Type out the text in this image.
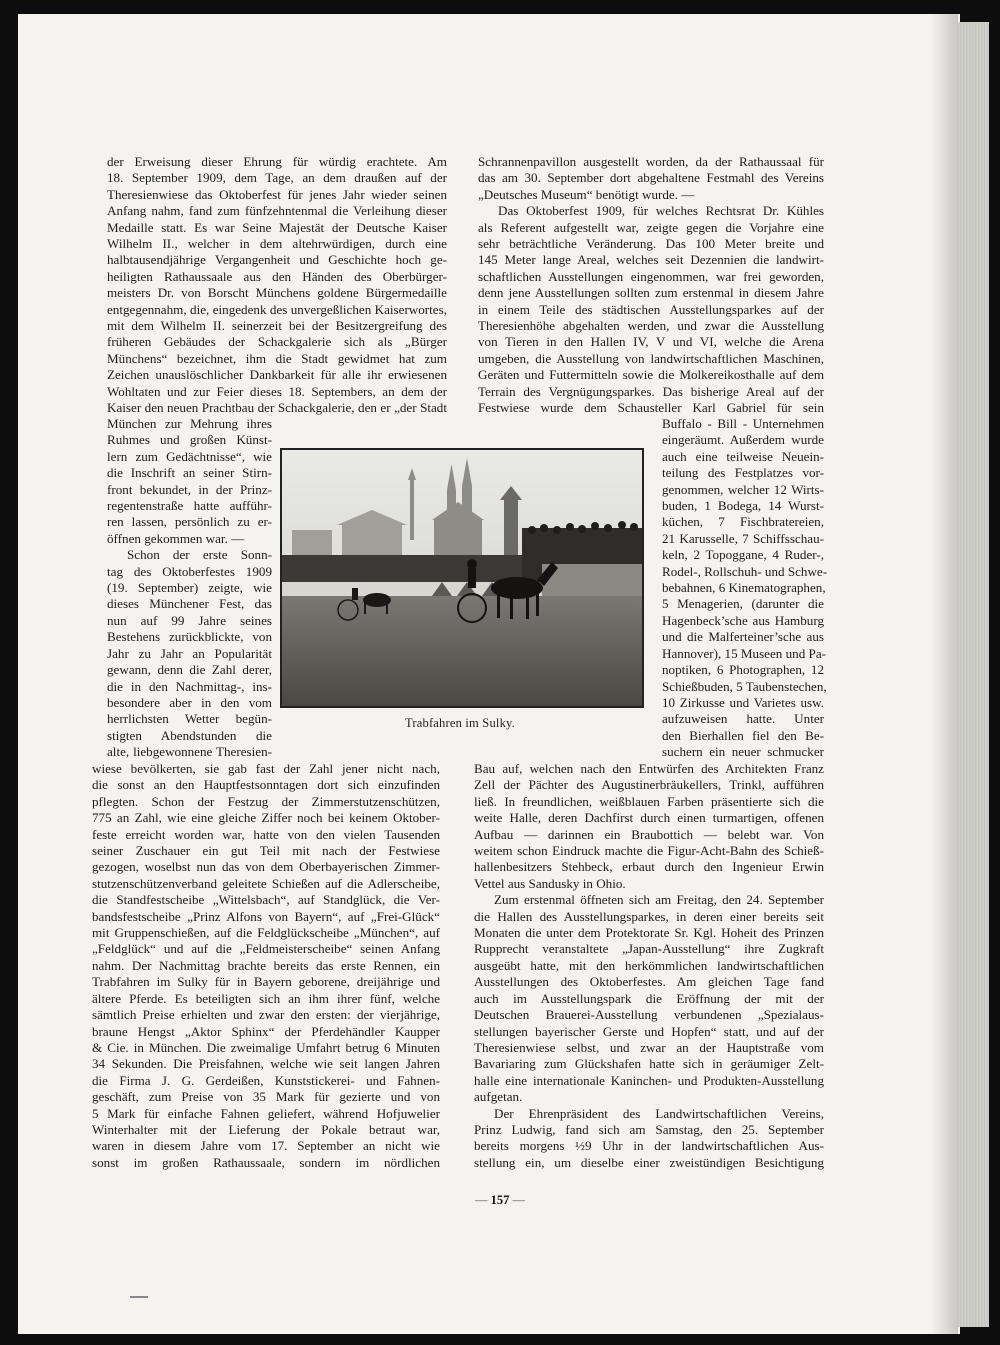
der Erweisung dieser Ehrung für würdig erachtete. Am
18. September 1909, dem Tage, an dem draußen auf der
Theresienwiese das Oktoberfest für jenes Jahr wieder seinen
Anfang nahm, fand zum fünfzehntenmal die Verleihung dieser
Medaille statt. Es war Seine Majestät der Deutsche Kaiser
Wilhelm II., welcher in dem altehrwürdigen, durch eine
halbtausendjährige Vergangenheit und Geschichte hoch ge-
heiligten Rathaussaale aus den Händen des Oberbürger-
meisters Dr. von Borscht Münchens goldene Bürgermedaille
entgegennahm, die, eingedenk des unvergeßlichen Kaiserwortes,
mit dem Wilhelm II. seinerzeit bei der Besitzergreifung des
früheren Gebäudes der Schackgalerie sich als „Bürger
Münchens“ bezeichnet, ihm die Stadt gewidmet hat zum
Zeichen unauslöschlicher Dankbarkeit für alle ihr erwiesenen
Wohltaten und zur Feier dieses 18. Septembers, an dem der
Kaiser den neuen Prachtbau der Schackgalerie, den er „der Stadt
München zur Mehrung ihres
Ruhmes und großen Künst-
lern zum Gedächtnisse“, wie
die Inschrift an seiner Stirn-
front bekundet, in der Prinz-
regentenstraße hatte aufführ-
ren lassen, persönlich zu er-
öffnen gekommen war. —
Schon der erste Sonn-
tag des Oktoberfestes 1909
(19. September) zeigte, wie
dieses Münchener Fest, das
nun auf 99 Jahre seines
Bestehens zurückblickte, von
Jahr zu Jahr an Popularität
gewann, denn die Zahl derer,
die in den Nachmittag-, ins-
besondere aber in den vom
herrlichsten Wetter begün-
stigten Abendstunden die
alte, liebgewonnene Theresien-
wiese bevölkerten, sie gab fast der Zahl jener nicht nach,
die sonst an den Hauptfestsonntagen dort sich einzufinden
pflegten. Schon der Festzug der Zimmerstutzenschützen,
775 an Zahl, wie eine gleiche Ziffer noch bei keinem Oktober-
feste erreicht worden war, hatte von den vielen Tausenden
seiner Zuschauer ein gut Teil mit nach der Festwiese
gezogen, woselbst nun das von dem Oberbayerischen Zimmer-
stutzenschützenverband geleitete Schießen auf die Adlerscheibe,
die Standfestscheibe „Wittelsbach“, auf Standglück, die Ver-
bandsfestscheibe „Prinz Alfons von Bayern“, auf „Frei-Glück“
mit Gruppenschießen, auf die Feldglückscheibe „München“, auf
„Feldglück“ und auf die „Feldmeisterscheibe“ seinen Anfang
nahm. Der Nachmittag brachte bereits das erste Rennen, ein
Trabfahren im Sulky für in Bayern geborene, dreijährige und
ältere Pferde. Es beteiligten sich an ihm ihrer fünf, welche
sämtlich Preise erhielten und zwar den ersten: der vierjährige,
braune Hengst „Aktor Sphinx“ der Pferdehändler Kaupper
& Cie. in München. Die zweimalige Umfahrt betrug 6 Minuten
34 Sekunden. Die Preisfahnen, welche wie seit langen Jahren
die Firma J. G. Gerdeißen, Kunststickerei- und Fahnen-
geschäft, zum Preise von 35 Mark für gezierte und von
5 Mark für einfache Fahnen geliefert, während Hofjuwelier
Winterhalter mit der Lieferung der Pokale betraut war,
waren in diesem Jahre vom 17. September an nicht wie
sonst im großen Rathaussaale, sondern im nördlichen
Schrannenpavillon ausgestellt worden, da der Rathaussaal für
das am 30. September dort abgehaltene Festmahl des Vereins
„Deutsches Museum“ benötigt wurde. —
Das Oktoberfest 1909, für welches Rechtsrat Dr. Kühles
als Referent aufgestellt war, zeigte gegen die Vorjahre eine
sehr beträchtliche Veränderung. Das 100 Meter breite und
145 Meter lange Areal, welches seit Dezennien die landwirt-
schaftlichen Ausstellungen eingenommen, war frei geworden,
denn jene Ausstellungen sollten zum erstenmal in diesem Jahre
in einem Teile des städtischen Ausstellungsparkes auf der
Theresienhöhe abgehalten werden, und zwar die Ausstellung
von Tieren in den Hallen IV, V und VI, welche die Arena
umgeben, die Ausstellung von landwirtschaftlichen Maschinen,
Geräten und Futtermitteln sowie die Molkereikosthalle auf dem
Terrain des Vergnügungsparkes. Das bisherige Areal auf der
Festwiese wurde dem Schausteller Karl Gabriel für sein
Buffalo - Bill - Unternehmen
eingeräumt. Außerdem wurde
auch eine teilweise Neuein-
teilung des Festplatzes vor-
genommen, welcher 12 Wirts-
buden, 1 Bodega, 14 Wurst-
küchen, 7 Fischbratereien,
21 Karusselle, 7 Schiffsschau-
keln, 2 Topoggane, 4 Ruder-,
Rodel-, Rollschuh- und Schwe-
bebahnen, 6 Kinematographen,
5 Menagerien, (darunter die
Hagenbeck’sche aus Hamburg
und die Malferteiner’sche aus
Hannover), 15 Museen und Pa-
noptiken, 6 Photographen, 12
Schießbuden, 5 Taubenstechen,
10 Zirkusse und Varietes usw.
aufzuweisen hatte. Unter
den Bierhallen fiel den Be-
suchern ein neuer schmucker
Bau auf, welchen nach den Entwürfen des Architekten Franz
Zell der Pächter des Augustinerbräukellers, Trinkl, aufführen
ließ. In freundlichen, weißblauen Farben präsentierte sich die
weite Halle, deren Dachfirst durch einen turmartigen, offenen
Aufbau — darinnen ein Braubottich — belebt war. Von
weitem schon Eindruck machte die Figur-Acht-Bahn des Schieß-
hallenbesitzers Stehbeck, erbaut durch den Ingenieur Erwin
Vettel aus Sandusky in Ohio.
Zum erstenmal öffneten sich am Freitag, den 24. September
die Hallen des Ausstellungsparkes, in deren einer bereits seit
Monaten die unter dem Protektorate Sr. Kgl. Hoheit des Prinzen
Rupprecht veranstaltete „Japan-Ausstellung“ ihre Zugkraft
ausgeübt hatte, mit den herkömmlichen landwirtschaftlichen
Ausstellungen des Oktoberfestes. Am gleichen Tage fand
auch im Ausstellungspark die Eröffnung der mit der
Deutschen Brauerei-Ausstellung verbundenen „Spezialaus-
stellungen bayerischer Gerste und Hopfen“ statt, und auf der
Theresienwiese selbst, und zwar an der Hauptstraße vom
Bavariaring zum Glückshafen hatte sich in geräumiger Zelt-
halle eine internationale Kaninchen- und Produkten-Ausstellung
aufgetan.
Der Ehrenpräsident des Landwirtschaftlichen Vereins,
Prinz Ludwig, fand sich am Samstag, den 25. September
bereits morgens ½9 Uhr in der landwirtschaftlichen Aus-
stellung ein, um dieselbe einer zweistündigen Besichtigung
Trabfahren im Sulky.
— 157 —
